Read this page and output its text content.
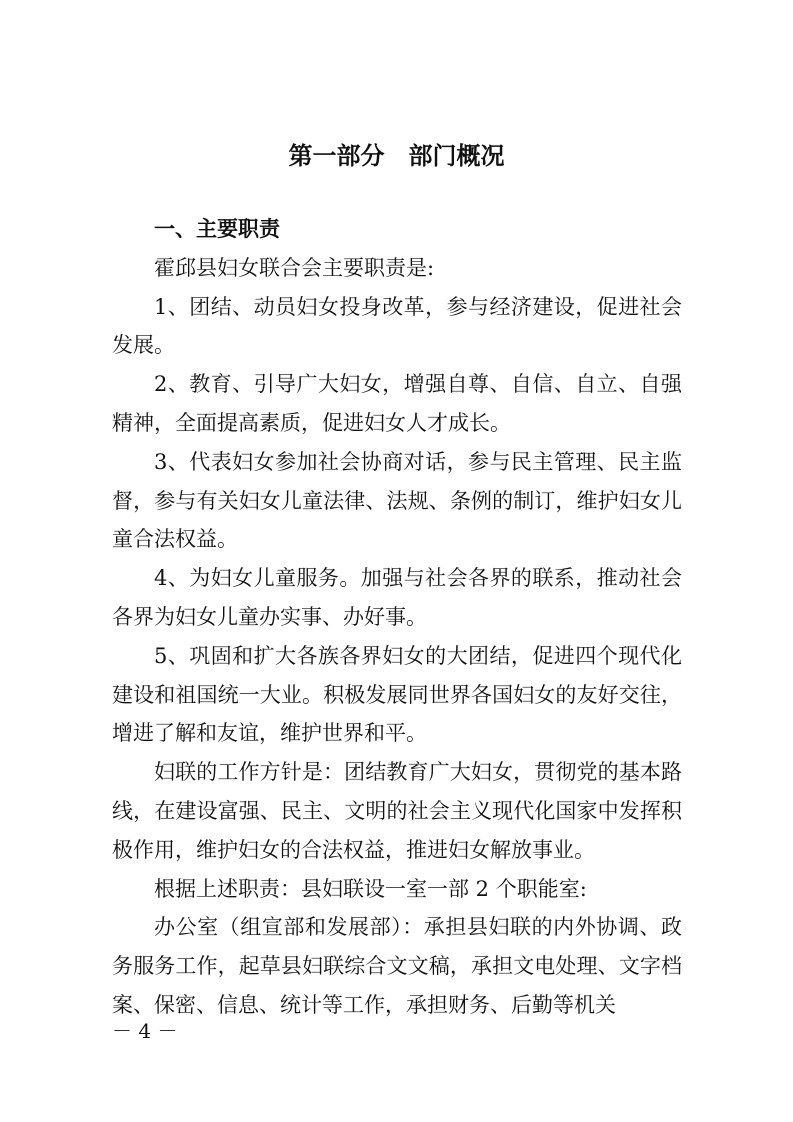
第一部分　部门概况

一、主要职责

霍邱县妇女联合会主要职责是:

1、团结、动员妇女投身改革，参与经济建设，促进社会发展。

2、教育、引导广大妇女，增强自尊、自信、自立、自强精神，全面提高素质，促进妇女人才成长。

3、代表妇女参加社会协商对话，参与民主管理、民主监督，参与有关妇女儿童法律、法规、条例的制订，维护妇女儿童合法权益。

4、为妇女儿童服务。加强与社会各界的联系，推动社会各界为妇女儿童办实事、办好事。

5、巩固和扩大各族各界妇女的大团结，促进四个现代化建设和祖国统一大业。积极发展同世界各国妇女的友好交往，增进了解和友谊，维护世界和平。

妇联的工作方针是：团结教育广大妇女，贯彻党的基本路线，在建设富强、民主、文明的社会主义现代化国家中发挥积极作用，维护妇女的合法权益，推进妇女解放事业。

根据上述职责：县妇联设一室一部 2 个职能室:

办公室（组宣部和发展部）：承担县妇联的内外协调、政务服务工作，起草县妇联综合文文稿，承担文电处理、文字档案、保密、信息、统计等工作，承担财务、后勤等机关

－ 4 －
